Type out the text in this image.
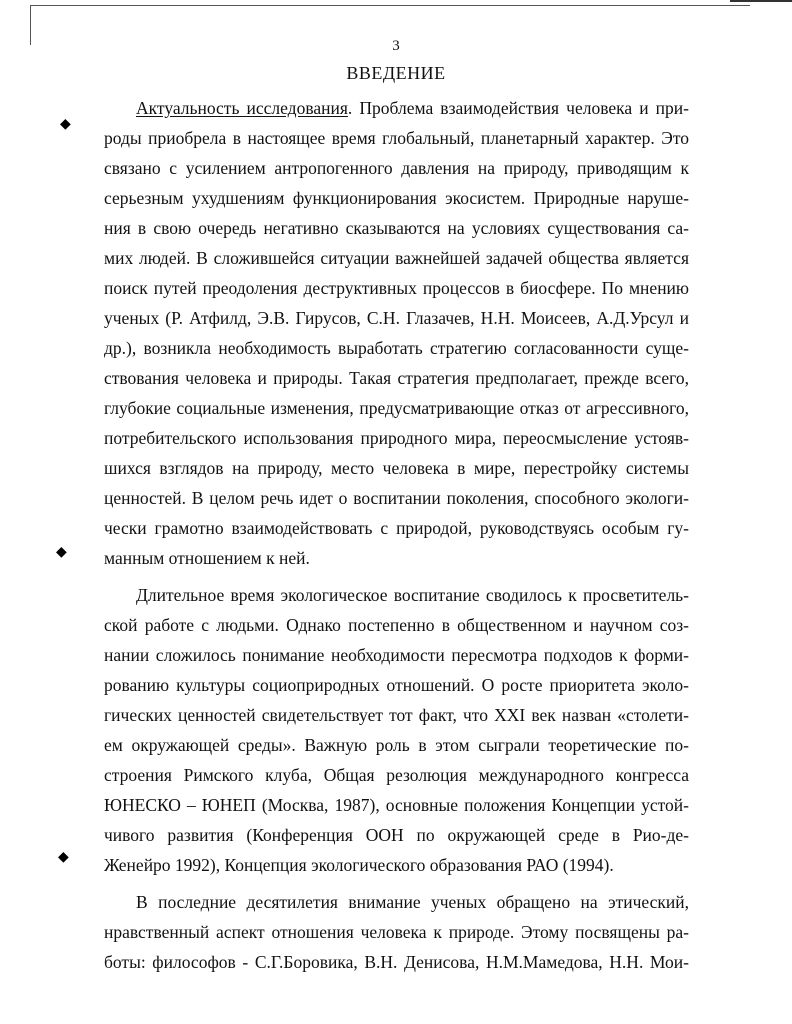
◆
◆
◆
3
ВВЕДЕНИЕ
Актуальность исследования. Проблема взаимодействия человека и при-
роды приобрела в настоящее время глобальный, планетарный характер. Это
связано с усилением антропогенного давления на природу, приводящим к
серьезным ухудшениям функционирования экосистем. Природные наруше-
ния в свою очередь негативно сказываются на условиях существования са-
мих людей. В сложившейся ситуации важнейшей задачей общества является
поиск путей преодоления деструктивных процессов в биосфере. По мнению
ученых (Р. Атфилд, Э.В. Гирусов, С.Н. Глазачев, Н.Н. Моисеев, А.Д.Урсул и
др.), возникла необходимость выработать стратегию согласованности суще-
ствования человека и природы. Такая стратегия предполагает, прежде всего,
глубокие социальные изменения, предусматривающие отказ от агрессивного,
потребительского использования природного мира, переосмысление устояв-
шихся взглядов на природу, место человека в мире, перестройку системы
ценностей. В целом речь идет о воспитании поколения, способного экологи-
чески грамотно взаимодействовать с природой, руководствуясь особым гу-
манным отношением к ней.
Длительное время экологическое воспитание сводилось к просветитель-
ской работе с людьми. Однако постепенно в общественном и научном соз-
нании сложилось понимание необходимости пересмотра подходов к форми-
рованию культуры социоприродных отношений. О росте приоритета эколо-
гических ценностей свидетельствует тот факт, что XXI век назван «столети-
ем окружающей среды». Важную роль в этом сыграли теоретические по-
строения Римского клуба, Общая резолюция международного конгресса
ЮНЕСКО – ЮНЕП (Москва, 1987), основные положения Концепции устой-
чивого развития (Конференция ООН по окружающей среде в Рио-де-
Женейро 1992), Концепция экологического образования РАО (1994).
В последние десятилетия внимание ученых обращено на этический,
нравственный аспект отношения человека к природе. Этому посвящены ра-
боты: философов - С.Г.Боровика, В.Н. Денисова, Н.М.Мамедова, Н.Н. Мои-
